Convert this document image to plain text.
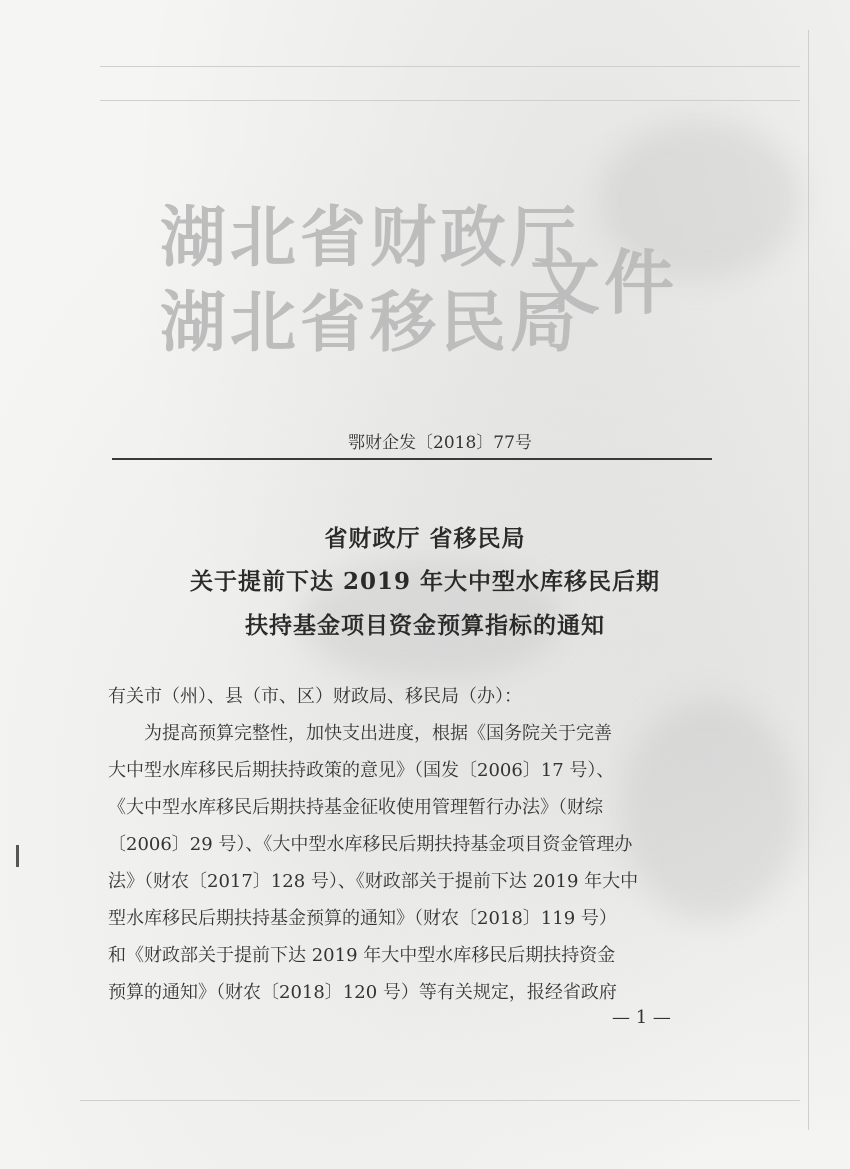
湖北省财政厅
湖北省移民局
文件
鄂财企发〔2018〕77号
省财政厅 省移民局
关于提前下达 2019 年大中型水库移民后期
扶持基金项目资金预算指标的通知
有关市（州）、县（市、区）财政局、移民局（办）：
　　为提高预算完整性，加快支出进度，根据《国务院关于完善
大中型水库移民后期扶持政策的意见》（国发〔2006〕17 号）、
《大中型水库移民后期扶持基金征收使用管理暂行办法》（财综
〔2006〕29 号）、《大中型水库移民后期扶持基金项目资金管理办
法》（财农〔2017〕128 号）、《财政部关于提前下达 2019 年大中
型水库移民后期扶持基金预算的通知》（财农〔2018〕119 号）
和《财政部关于提前下达 2019 年大中型水库移民后期扶持资金
预算的通知》（财农〔2018〕120 号）等有关规定，报经省政府
— 1 —
